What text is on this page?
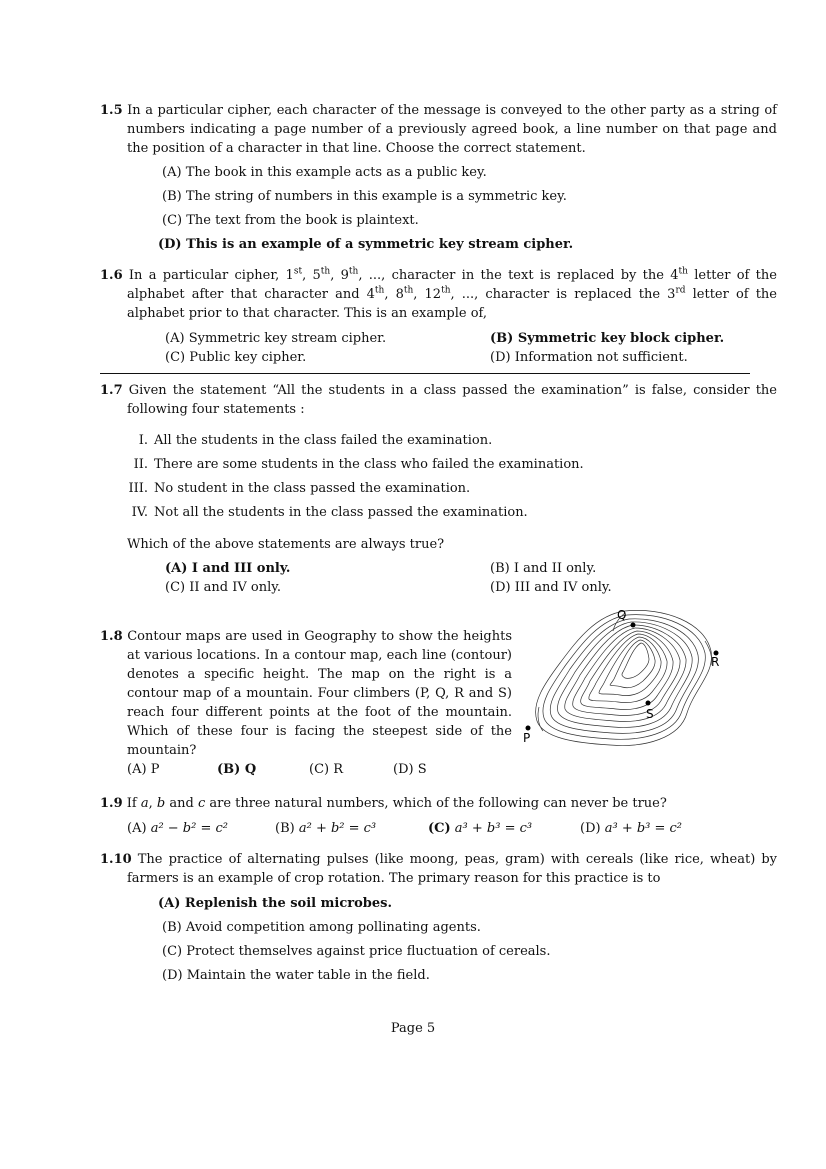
1.5 In a particular cipher, each character of the message is conveyed to the other party as a string of numbers indicating a page number of a previously agreed book, a line number on that page and the position of a character in that line. Choose the correct statement.
(A) The book in this example acts as a public key.
(B) The string of numbers in this example is a symmetric key.
(C) The text from the book is plaintext.
(D) This is an example of a symmetric key stream cipher.
1.6 In a particular cipher, 1st, 5th, 9th, ..., character in the text is replaced by the 4th letter of the alphabet after that character and 4th, 8th, 12th, ..., character is replaced the 3rd letter of the alphabet prior to that character. This is an example of,
(A) Symmetric key stream cipher.	(B) Symmetric key block cipher.
(C) Public key cipher.	(D) Information not sufficient.
1.7 Given the statement “All the students in a class passed the examination” is false, consider the following four statements :
I. All the students in the class failed the examination.
II. There are some students in the class who failed the examination.
III. No student in the class passed the examination.
IV. Not all the students in the class passed the examination.
Which of the above statements are always true?
(A) I and III only.	(B) I and II only.
(C) II and IV only.	(D) III and IV only.
1.8 Contour maps are used in Geography to show the heights at various locations. In a contour map, each line (contour) denotes a specific height. The map on the right is a contour map of a mountain. Four climbers (P, Q, R and S) reach four different points at the foot of the mountain. Which of these four is facing the steepest side of the mountain?
(A) P	(B) Q	(C) R	(D) S
Q
R
S
P
1.9 If a, b and c are three natural numbers, which of the following can never be true?
(A) a² − b² = c²	(B) a² + b² = c³	(C) a³ + b³ = c³	(D) a³ + b³ = c²
1.10 The practice of alternating pulses (like moong, peas, gram) with cereals (like rice, wheat) by farmers is an example of crop rotation. The primary reason for this practice is to
(A) Replenish the soil microbes.
(B) Avoid competition among pollinating agents.
(C) Protect themselves against price fluctuation of cereals.
(D) Maintain the water table in the field.
Page 5
